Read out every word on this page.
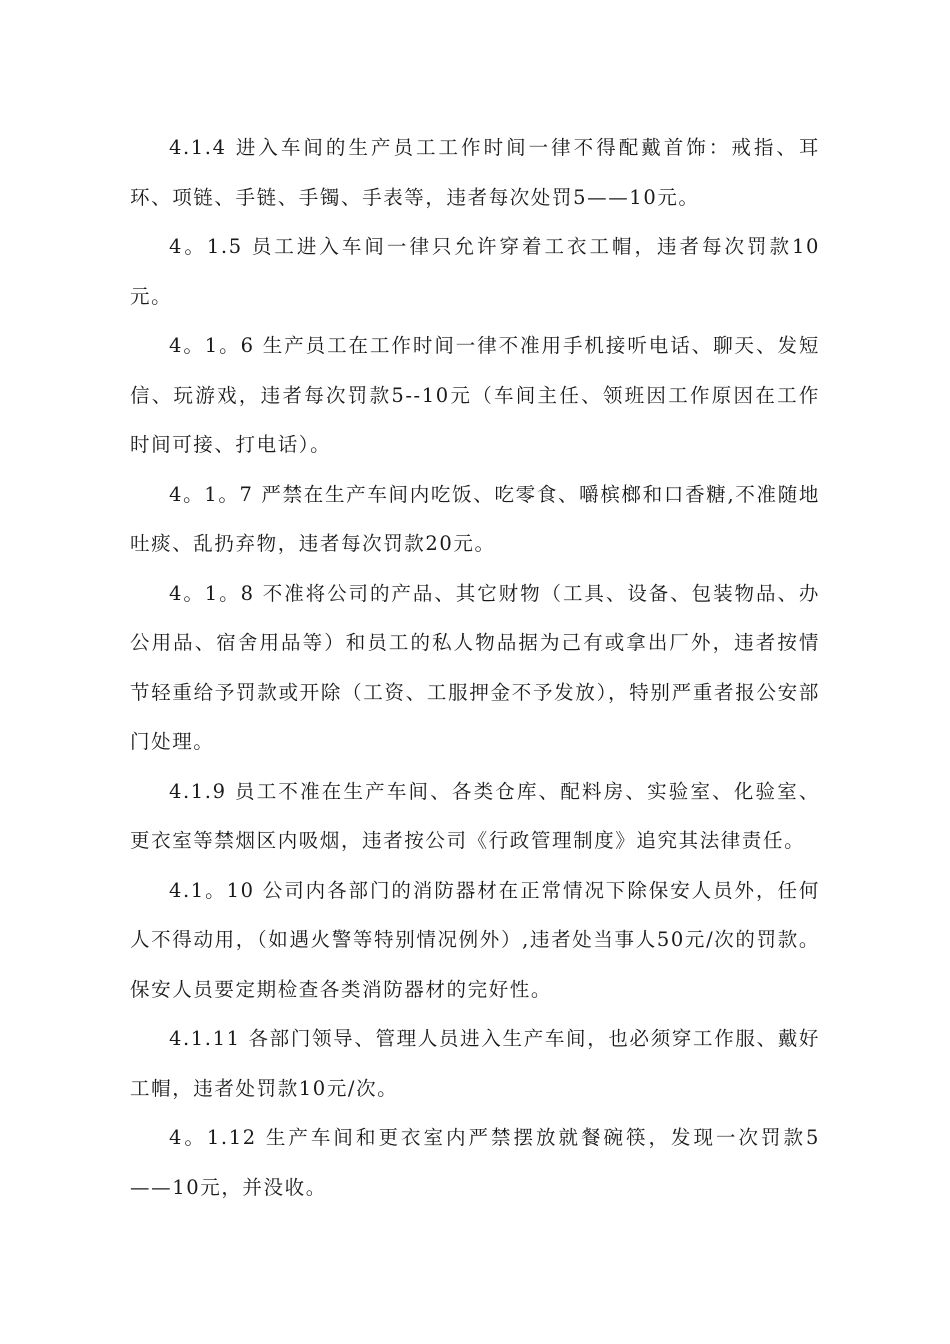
4.1.4 进入车间的生产员工工作时间一律不得配戴首饰：戒指、耳环、项链、手链、手镯、手表等，违者每次处罚5——10元。

4。1.5 员工进入车间一律只允许穿着工衣工帽，违者每次罚款10元。

4。1。6 生产员工在工作时间一律不准用手机接听电话、聊天、发短信、玩游戏，违者每次罚款5--10元（车间主任、领班因工作原因在工作时间可接、打电话）。

4。1。7 严禁在生产车间内吃饭、吃零食、嚼槟榔和口香糖,不准随地吐痰、乱扔弃物，违者每次罚款20元。

4。1。8 不准将公司的产品、其它财物（工具、设备、包装物品、办公用品、宿舍用品等）和员工的私人物品据为己有或拿出厂外，违者按情节轻重给予罚款或开除（工资、工服押金不予发放），特别严重者报公安部门处理。

4.1.9 员工不准在生产车间、各类仓库、配料房、实验室、化验室、更衣室等禁烟区内吸烟，违者按公司《行政管理制度》追究其法律责任。

4.1。10 公司内各部门的消防器材在正常情况下除保安人员外，任何人不得动用，（如遇火警等特别情况例外）,违者处当事人50元/次的罚款。保安人员要定期检查各类消防器材的完好性。

4.1.11 各部门领导、管理人员进入生产车间，也必须穿工作服、戴好工帽，违者处罚款10元/次。

4。1.12 生产车间和更衣室内严禁摆放就餐碗筷，发现一次罚款5——10元，并没收。
